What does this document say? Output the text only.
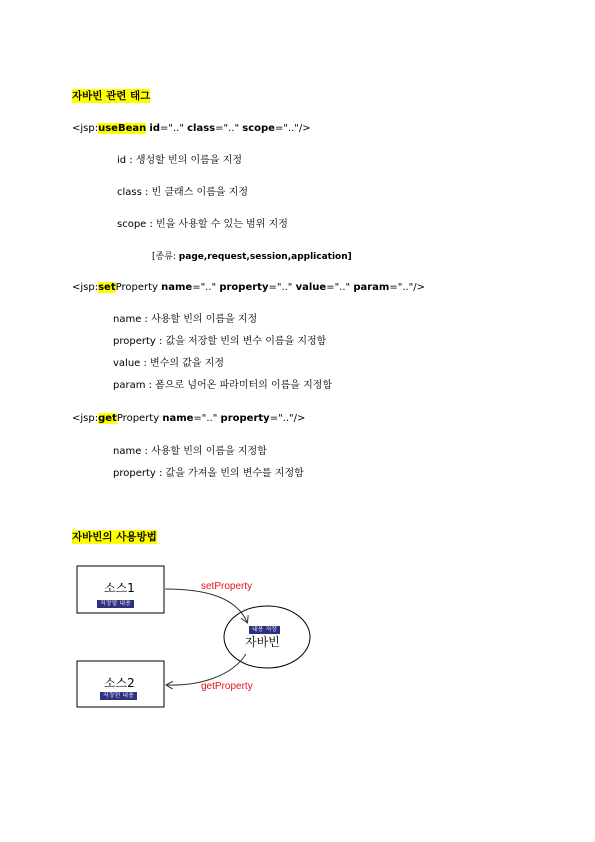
자바빈 관련 태그
<jsp:useBean id=".." class=".." scope=".."/>
id : 생성할 빈의 이름을 지정
class : 빈 클래스 이름을 지정
scope : 빈을 사용할 수 있는 범위 지정
[종류: page,request,session,application]
<jsp:setProperty name=".." property=".." value=".." param=".."/>
name : 사용할 빈의 이름을 지정
property : 값을 저장할 빈의 변수 이름을 지정함
value : 변수의 값을 지정
param : 폼으로 넘어온 파라미터의 이름을 지정함
<jsp:getProperty name=".." property=".."/>
name : 사용할 빈의 이름을 지정함
property : 값을 가져올 빈의 변수를 지정함
자바빈의 사용방법
소스1
저장할 내용
내용 저장
자바빈
소스2
저장된 내용
setProperty
getProperty
